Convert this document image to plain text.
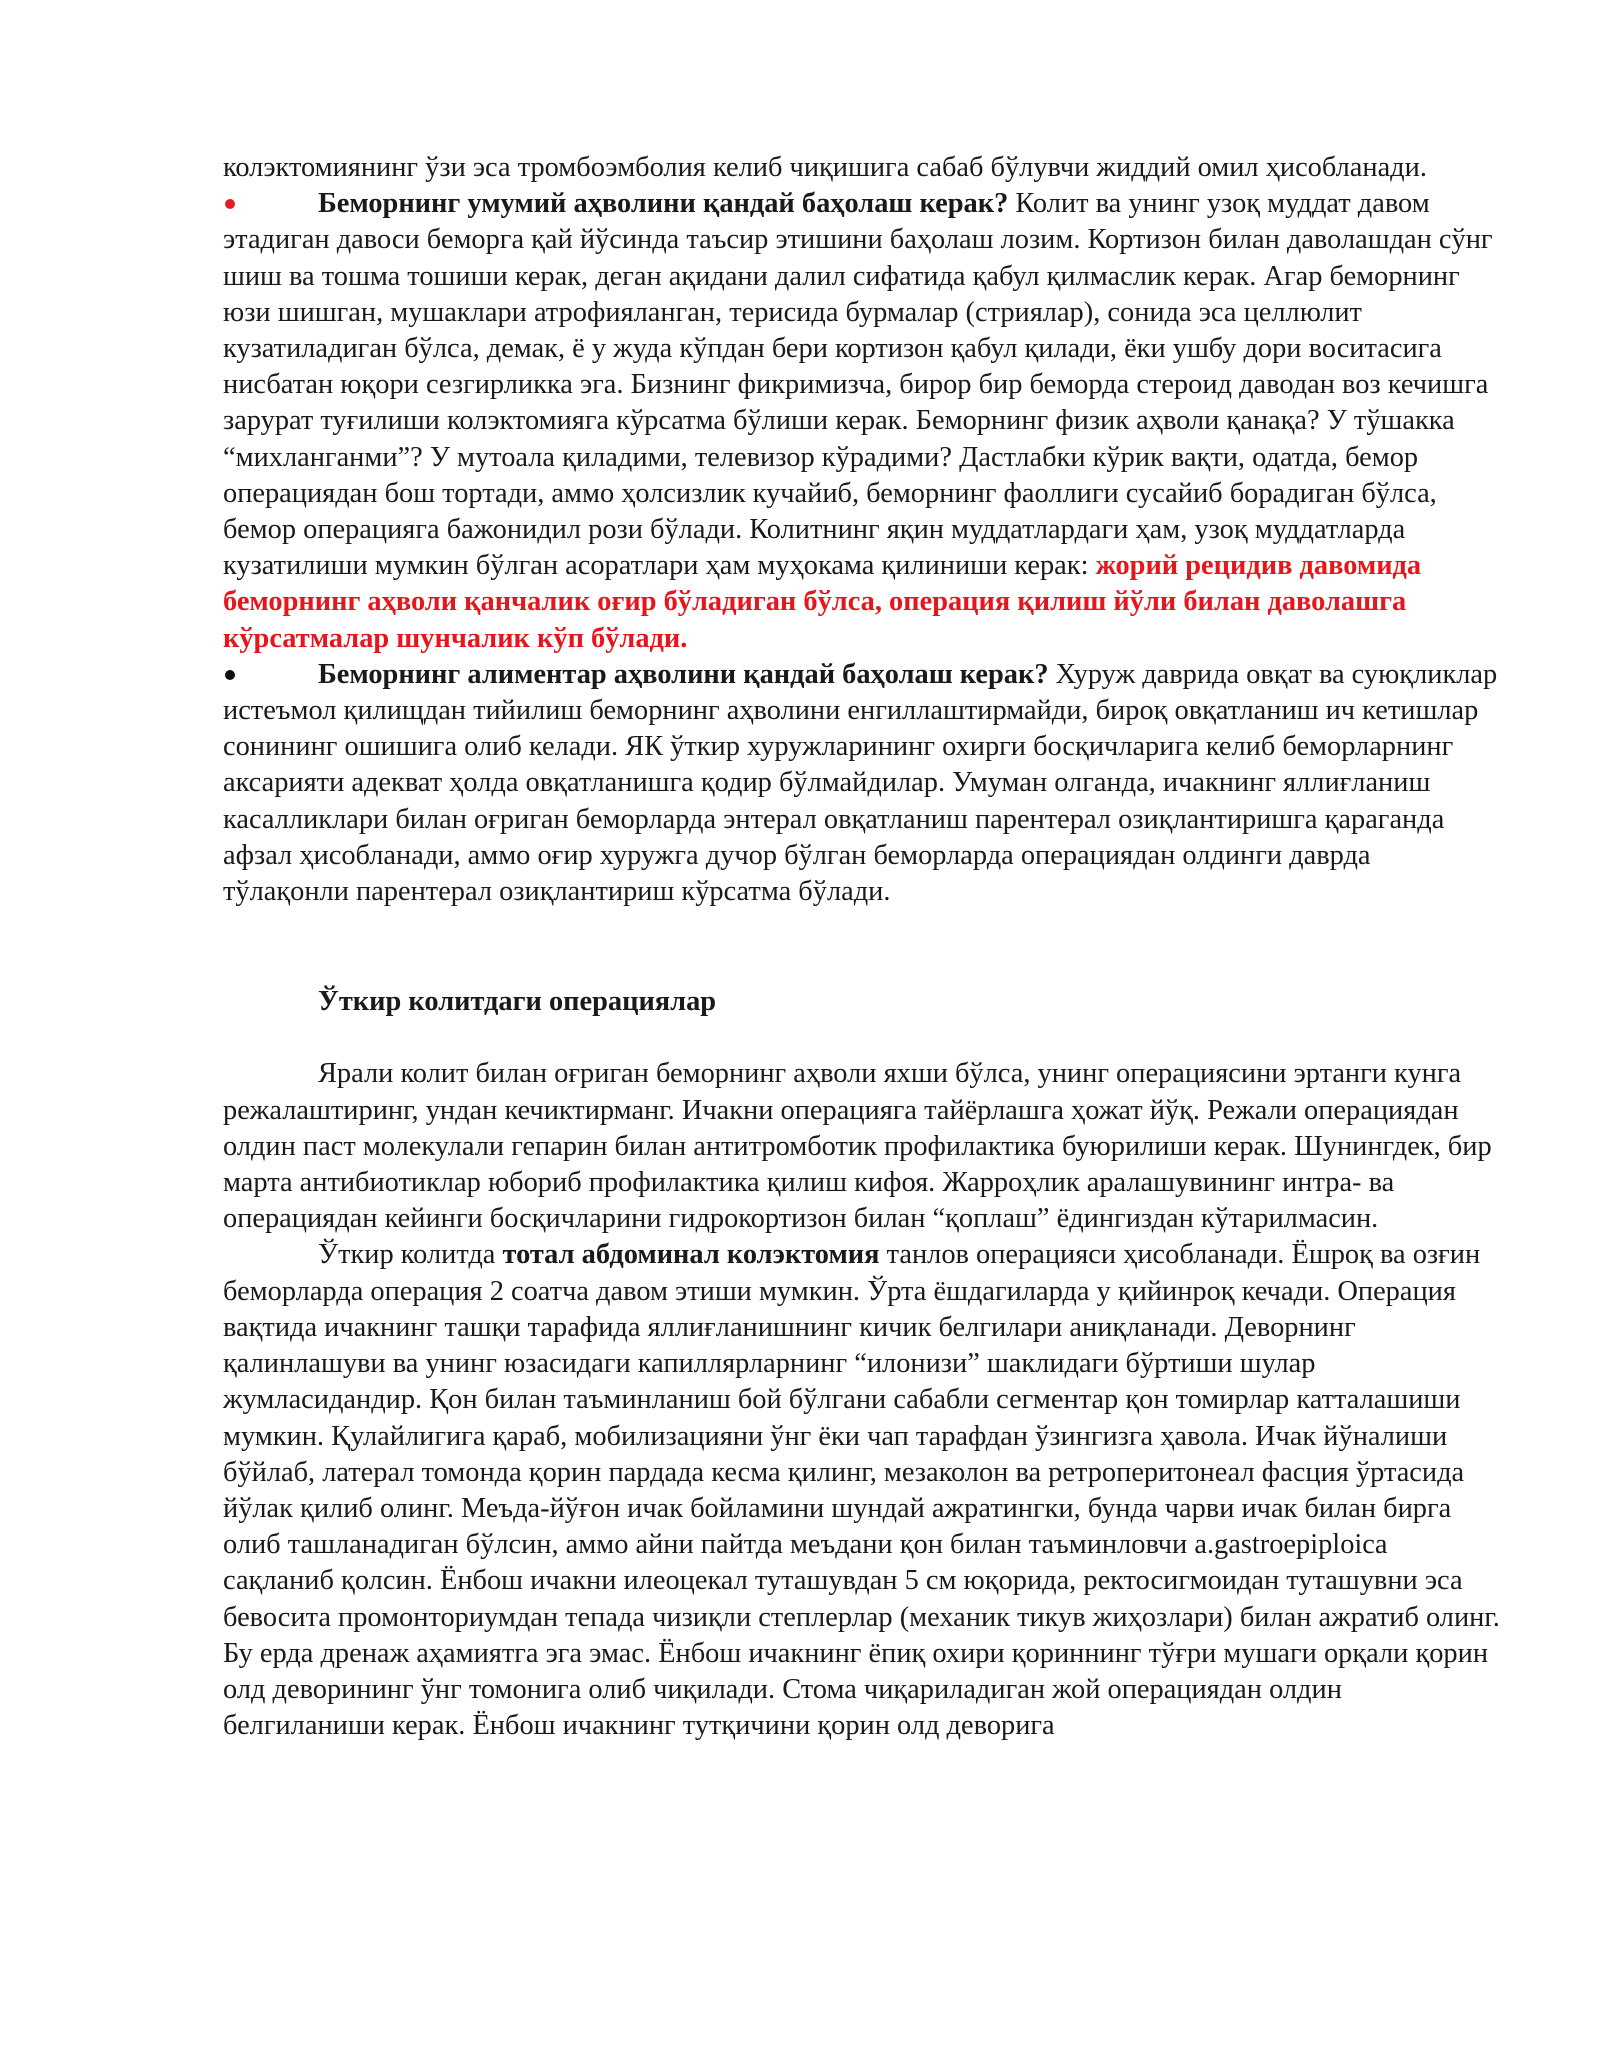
колэктомиянинг ўзи эса тромбоэмболия келиб чиқишига сабаб бўлувчи жиддий омил ҳисобланади.

Беморнинг умумий аҳволини қандай баҳолаш керак? Колит ва унинг узоқ муддат давом этадиган давоси беморга қай йўсинда таъсир этишини баҳолаш лозим. Кортизон билан даволашдан сўнг шиш ва тошма тошиши керак, деган ақидани далил сифатида қабул қилмаслик керак. Агар беморнинг юзи шишган, мушаклари атрофияланган, терисида бурмалар (стриялар), сонида эса целлюлит кузатиладиган бўлса, демак, ё у жуда кўпдан бери кортизон қабул қилади, ёки ушбу дори воситасига нисбатан юқори сезгирликка эга. Бизнинг фикримизча, бирор бир беморда стероид даводан воз кечишга зарурат туғилиши колэктомияга кўрсатма бўлиши керак. Беморнинг физик аҳволи қанақа? У тўшакка “михланганми”? У мутоала қиладими, телевизор кўрадими? Дастлабки кўрик вақти, одатда, бемор операциядан бош тортади, аммо ҳолсизлик кучайиб, беморнинг фаоллиги сусайиб борадиган бўлса, бемор операцияга бажонидил рози бўлади. Колитнинг яқин муддатлардаги ҳам, узоқ муддатларда кузатилиши мумкин бўлган асоратлари ҳам муҳокама қилиниши керак: жорий рецидив давомида беморнинг аҳволи қанчалик оғир бўладиган бўлса, операция қилиш йўли билан даволашга кўрсатмалар шунчалик кўп бўлади.

Беморнинг алиментар аҳволини қандай баҳолаш керак? Хуруж даврида овқат ва суюқликлар истеъмол қилищдан тийилиш беморнинг аҳволини енгиллаштирмайди, бироқ овқатланиш ич кетишлар сонининг ошишига олиб келади. ЯК ўткир хуружларининг охирги босқичларига келиб беморларнинг аксарияти адекват ҳолда овқатланишга қодир бўлмайдилар. Умуман олганда, ичакнинг яллиғланиш касалликлари билан оғриган беморларда энтерал овқатланиш парентерал озиқлантиришга қараганда афзал ҳисобланади, аммо оғир хуружга дучор бўлган беморларда операциядан олдинги даврда тўлақонли парентерал озиқлантириш кўрсатма бўлади.

Ўткир колитдаги операциялар

Ярали колит билан оғриган беморнинг аҳволи яхши бўлса, унинг операциясини эртанги кунга режалаштиринг, ундан кечиктирманг. Ичакни операцияга тайёрлашга ҳожат йўқ. Режали операциядан олдин паст молекулали гепарин билан антитромботик профилактика буюрилиши керак. Шунингдек, бир марта антибиотиклар юбориб профилактика қилиш кифоя. Жарроҳлик аралашувининг интра- ва операциядан кейинги босқичларини гидрокортизон билан “қоплаш” ёдингиздан кўтарилмасин.

Ўткир колитда тотал абдоминал колэктомия танлов операцияси ҳисобланади. Ёшроқ ва озғин беморларда операция 2 соатча давом этиши мумкин. Ўрта ёшдагиларда у қийинроқ кечади. Операция вақтида ичакнинг ташқи тарафида яллиғланишнинг кичик белгилари аниқланади. Деворнинг қалинлашуви ва унинг юзасидаги капиллярларнинг “илонизи” шаклидаги бўртиши шулар жумласидандир. Қон билан таъминланиш бой бўлгани сабабли сегментар қон томирлар катталашиши мумкин. Қулайлигига қараб, мобилизацияни ўнг ёки чап тарафдан ўзингизга ҳавола. Ичак йўналиши бўйлаб, латерал томонда қорин пардада кесма қилинг, мезаколон ва ретроперитонеал фасция ўртасида йўлак қилиб олинг. Меъда-йўғон ичак бойламини шундай ажратингки, бунда чарви ичак билан бирга олиб ташланадиган бўлсин, аммо айни пайтда меъдани қон билан таъминловчи a.gastroepiploica сақланиб қолсин. Ёнбош ичакни илеоцекал туташувдан 5 см юқорида, ректосигмоидан туташувни эса бевосита промонториумдан тепада чизиқли степлерлар (механик тикув жиҳозлари) билан ажратиб олинг. Бу ерда дренаж аҳамиятга эга эмас. Ёнбош ичакнинг ёпиқ охири қориннинг тўғри мушаги орқали қорин олд деворининг ўнг томонига олиб чиқилади. Стома чиқариладиган жой операциядан олдин белгиланиши керак. Ёнбош ичакнинг тутқичини қорин олд деворига
